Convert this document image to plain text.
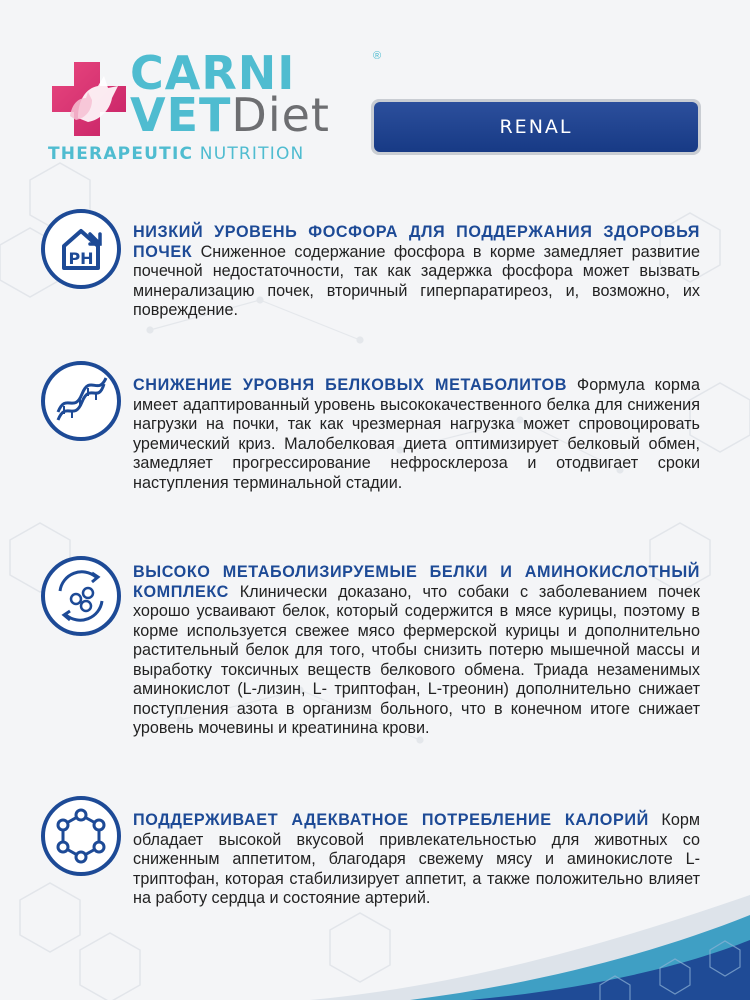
CARNI
VETDiet
®
THERAPEUTIC NUTRITION
RENAL
PH
НИЗКИЙ УРОВЕНЬ ФОСФОРА ДЛЯ ПОДДЕРЖАНИЯ ЗДОРОВЬЯ ПОЧЕК Сниженное содержание фосфора в корме замедляет развитие почечной недостаточности, так как задержка фосфора может вызвать минерализацию почек, вторичный гиперпаратиреоз, и, возможно, их повреждение.
СНИЖЕНИЕ УРОВНЯ БЕЛКОВЫХ МЕТАБОЛИТОВ Формула корма имеет адаптированный уровень высококачественного белка для снижения нагрузки на почки, так как чрезмерная нагрузка может спровоцировать уремический криз. Малобелковая диета оптимизирует белковый обмен, замедляет прогрессирование нефросклероза и отодвигает сроки наступления терминальной стадии.
ВЫСОКО МЕТАБОЛИЗИРУЕМЫЕ БЕЛКИ И АМИНОКИСЛОТНЫЙ КОМПЛЕКС Клинически доказано, что собаки с заболеванием почек хорошо усваивают белок, который содержится в мясе курицы, поэтому в корме используется свежее мясо фермерской курицы и дополнительно растительный белок для того, чтобы снизить потерю мышечной массы и выработку токсичных веществ белкового обмена. Триада незаменимых аминокислот (L-лизин, L- триптофан, L-треонин) дополнительно снижает поступления азота в организм больного, что в конечном итоге снижает уровень мочевины и креатинина крови.
ПОДДЕРЖИВАЕТ АДЕКВАТНОЕ ПОТРЕБЛЕНИЕ КАЛОРИЙ Корм обладает высокой вкусовой привлекательностью для животных со сниженным аппетитом, благодаря свежему мясу и аминокислоте L- триптофан, которая стабилизирует аппетит, а также положительно влияет на работу сердца и состояние артерий.
